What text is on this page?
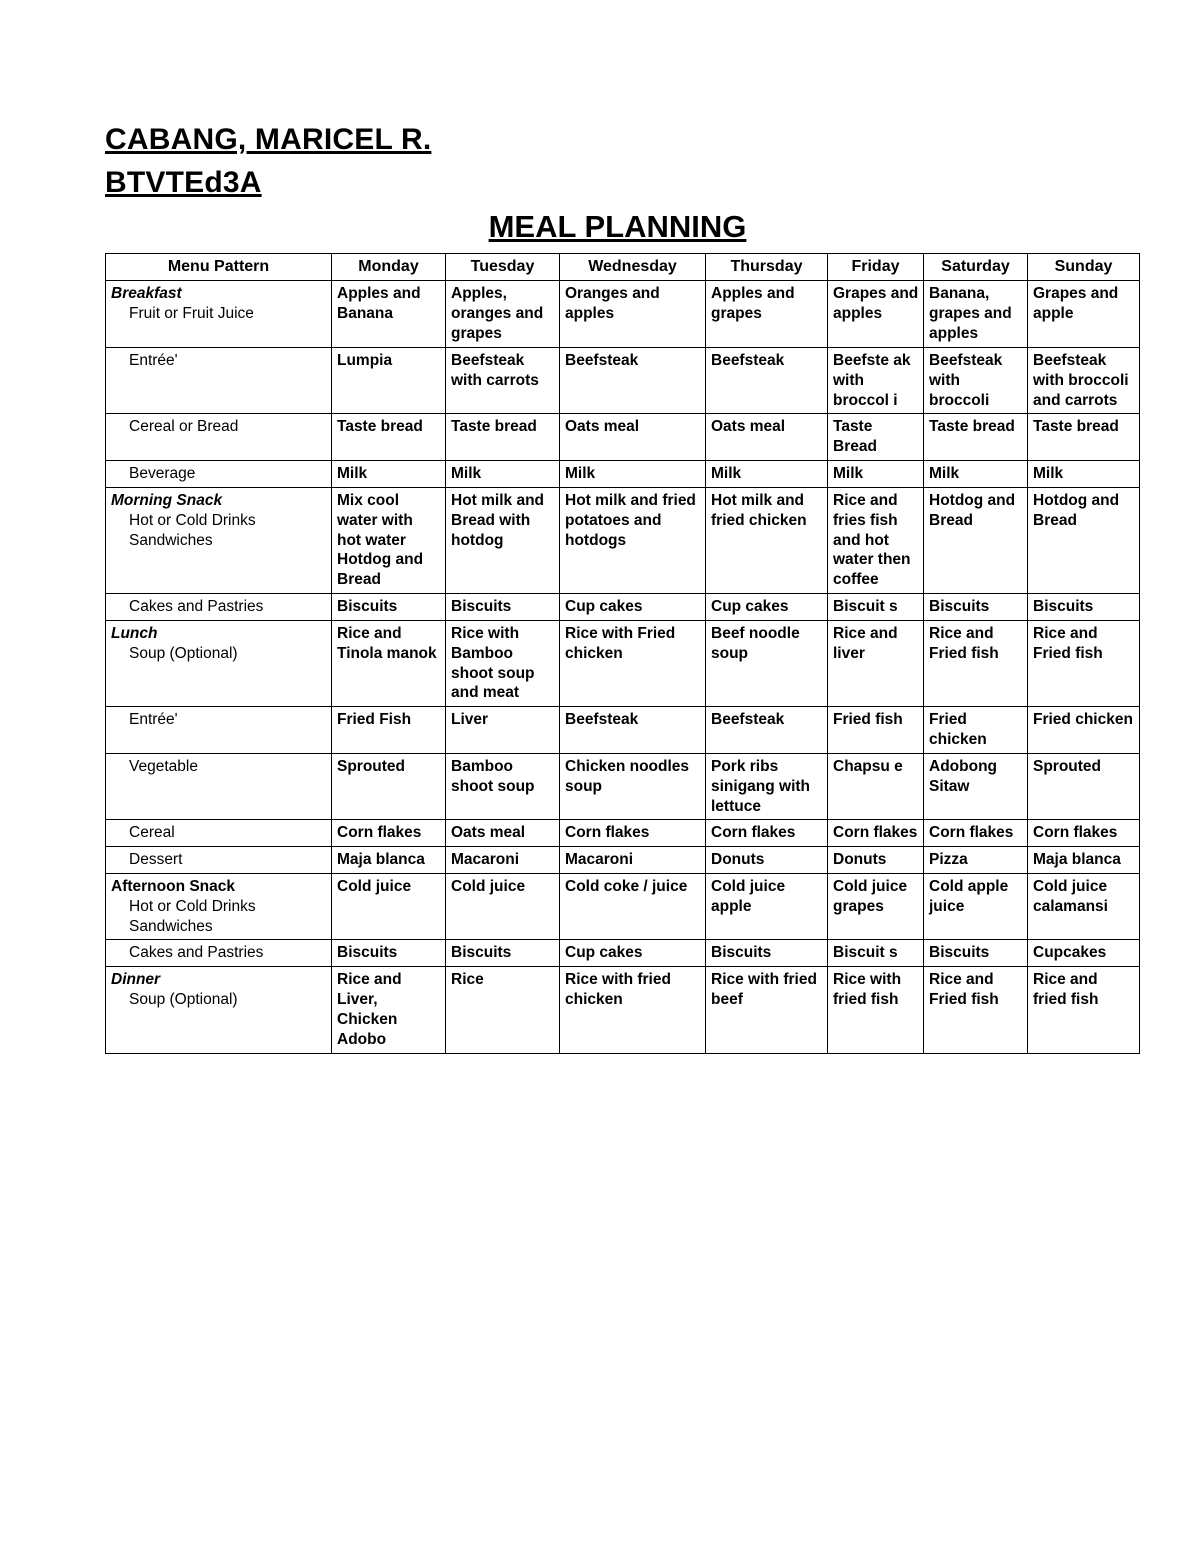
CABANG, MARICEL R.
BTVTEd3A
MEAL PLANNING
Menu Pattern	Monday	Tuesday	Wednesday	Thursday	Friday	Saturday	Sunday

Breakfast
Fruit or Fruit Juice	Apples and Banana	Apples, oranges and grapes	Oranges and apples	Apples and grapes	Grapes and apples	Banana, grapes and apples	Grapes and apple

Entrée'	Lumpia	Beefsteak with carrots	Beefsteak	Beefsteak	Beefste ak with broccol i	Beefsteak with broccoli	Beefsteak with broccoli and carrots

Cereal or Bread	Taste bread	Taste bread	Oats meal	Oats meal	Taste Bread	Taste bread	Taste bread

Beverage	Milk	Milk	Milk	Milk	Milk	Milk	Milk

Morning Snack
Hot or Cold Drinks
Sandwiches	Mix cool water with hot water Hotdog and Bread	Hot milk and Bread with hotdog	Hot milk and fried potatoes and hotdogs	Hot milk and fried chicken	Rice and fries fish and hot water then coffee	Hotdog and Bread	Hotdog and Bread

Cakes and Pastries	Biscuits	Biscuits	Cup cakes	Cup cakes	Biscuit s	Biscuits	Biscuits

Lunch
Soup (Optional)	Rice and Tinola manok	Rice with Bamboo shoot soup and meat	Rice with Fried chicken	Beef noodle soup	Rice and liver	Rice and Fried fish	Rice and Fried fish

Entrée'	Fried Fish	Liver	Beefsteak	Beefsteak	Fried fish	Fried chicken	Fried chicken

Vegetable	Sprouted	Bamboo shoot soup	Chicken noodles soup	Pork ribs sinigang with lettuce	Chapsu e	Adobong Sitaw	Sprouted

Cereal	Corn flakes	Oats meal	Corn flakes	Corn flakes	Corn flakes	Corn flakes	Corn flakes

Dessert	Maja blanca	Macaroni	Macaroni	Donuts	Donuts	Pizza	Maja blanca

Afternoon Snack
Hot or Cold Drinks
Sandwiches	Cold juice	Cold juice	Cold coke / juice	Cold juice apple	Cold juice grapes	Cold apple juice	Cold juice calamansi

Cakes and Pastries	Biscuits	Biscuits	Cup cakes	Biscuits	Biscuit s	Biscuits	Cupcakes

Dinner
Soup (Optional)	Rice and Liver, Chicken Adobo	Rice	Rice with fried chicken	Rice with fried beef	Rice with fried fish	Rice and Fried fish	Rice and fried fish
